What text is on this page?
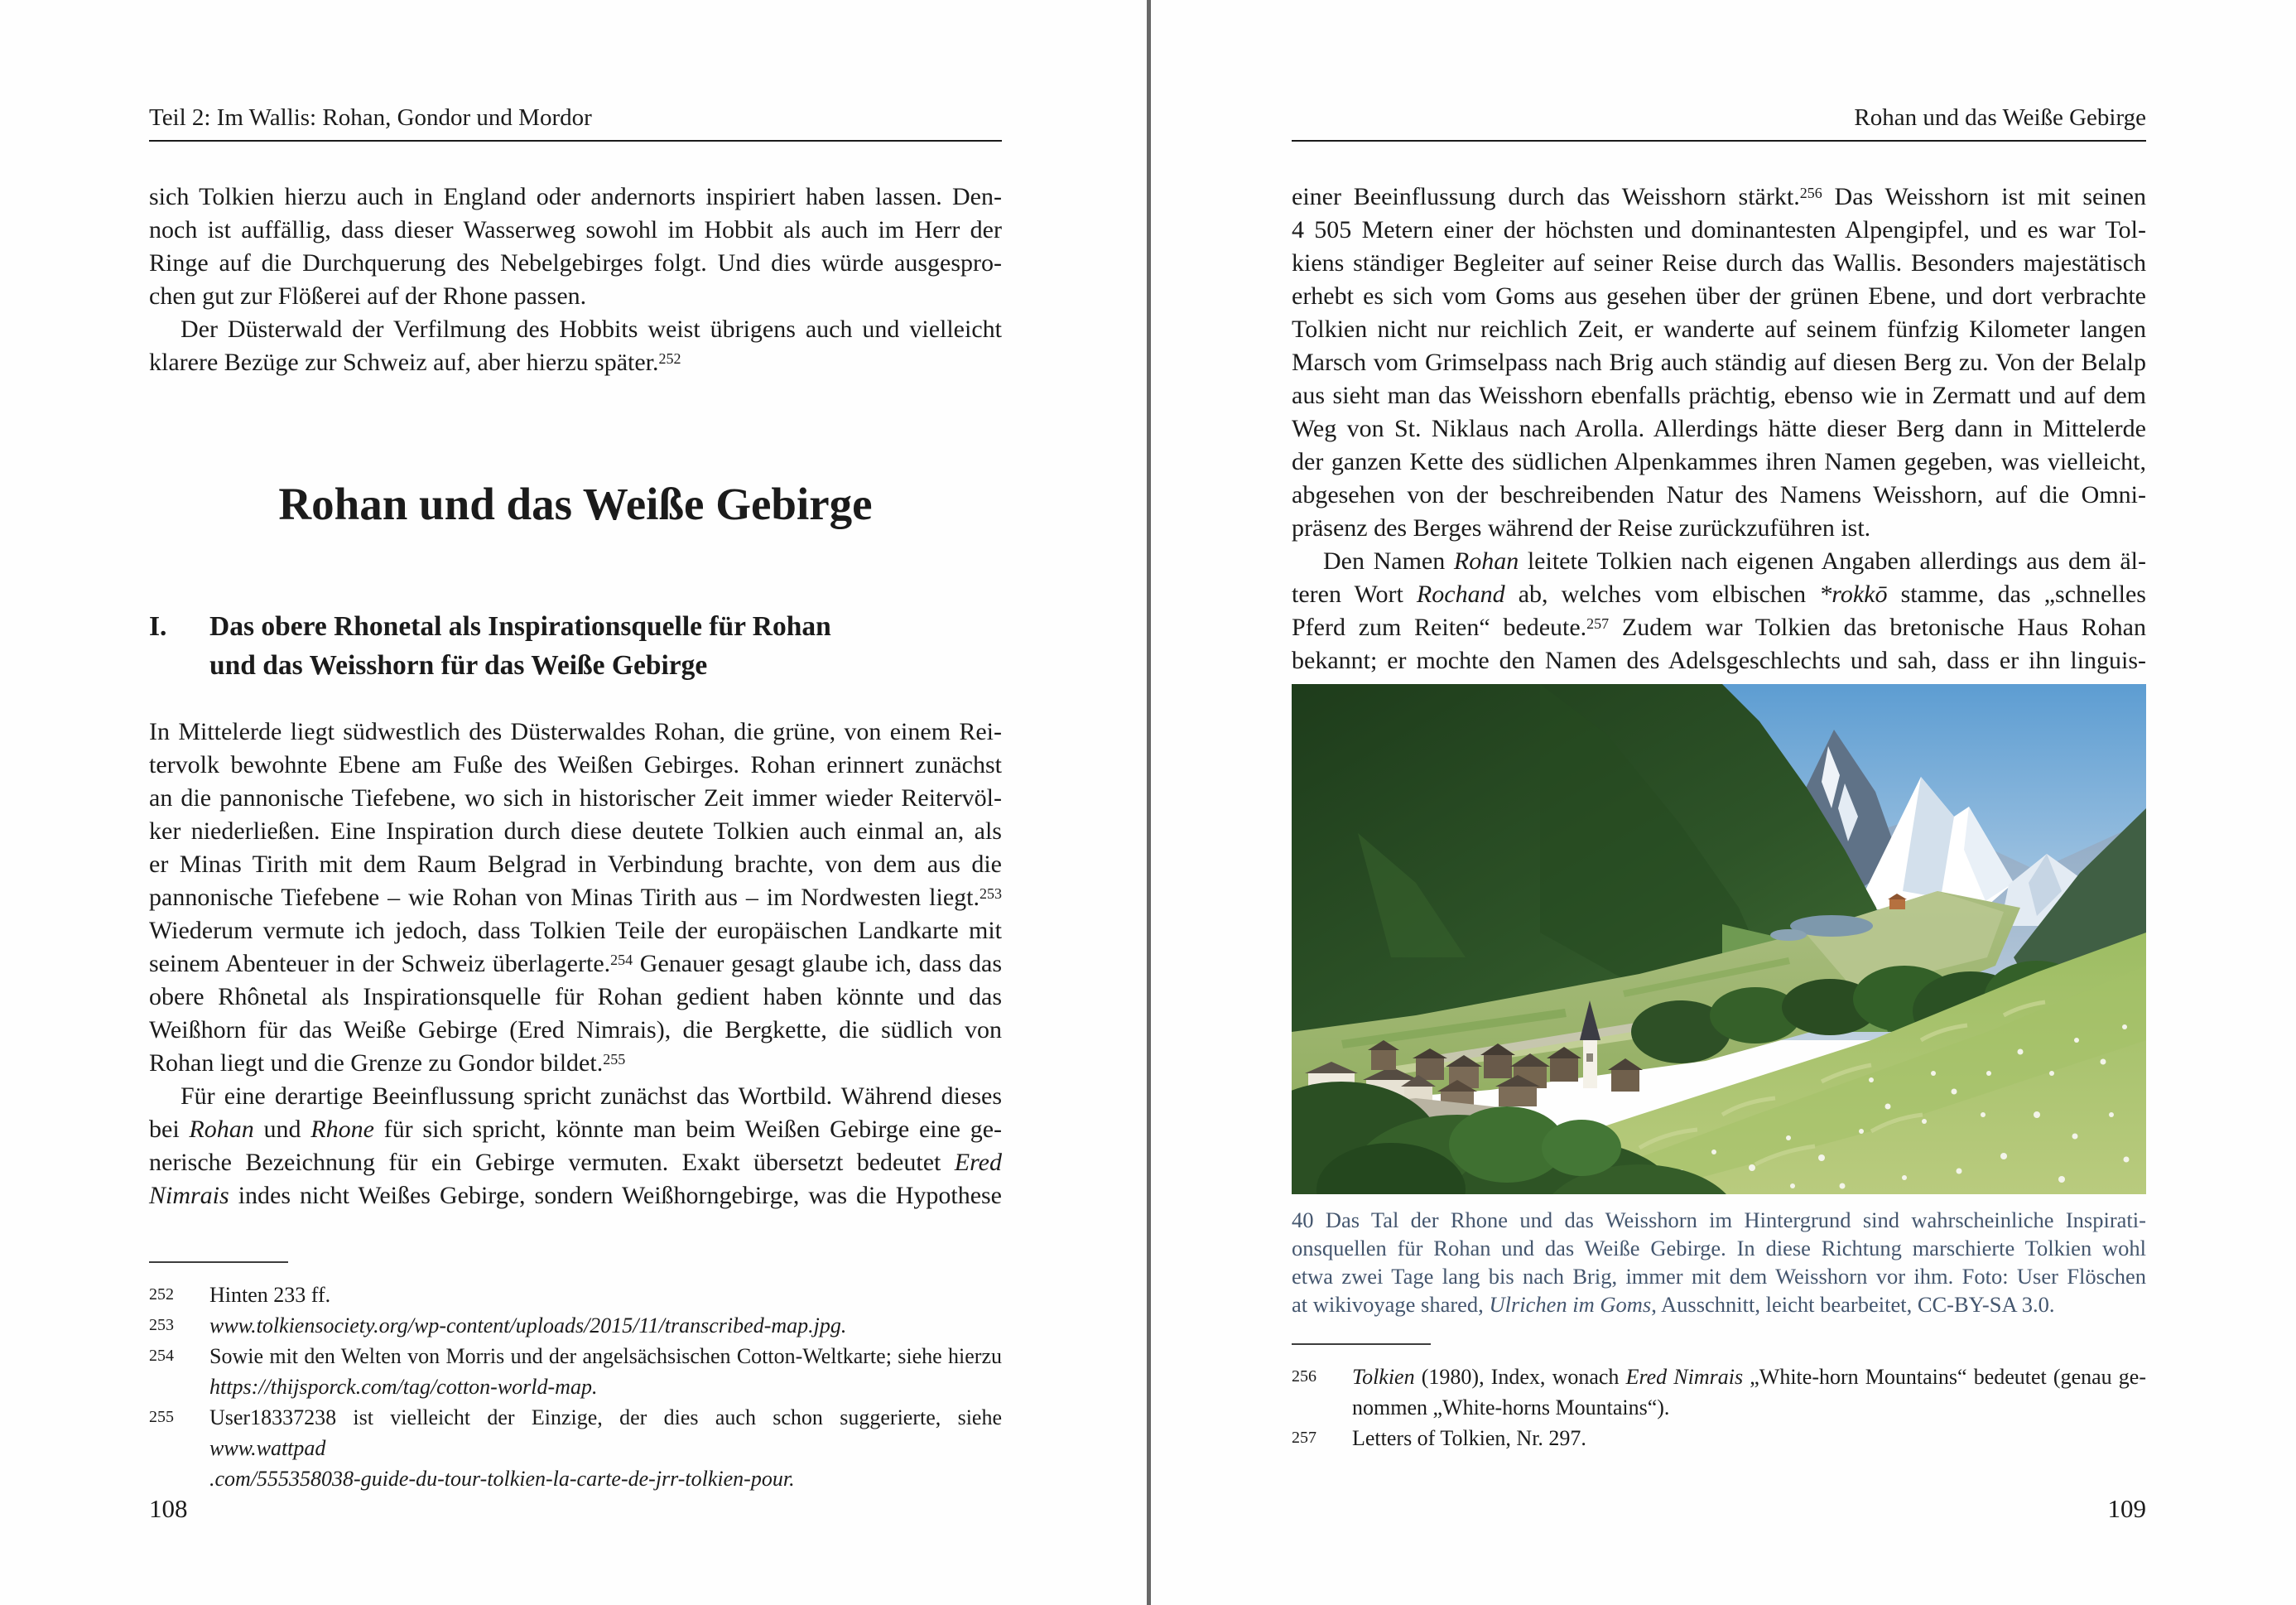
Teil 2: Im Wallis: Rohan, Gondor und Mordor
sich Tolkien hierzu auch in England oder andernorts inspiriert haben lassen. Den-
noch ist auffällig, dass dieser Wasserweg sowohl im Hobbit als auch im Herr der
Ringe auf die Durchquerung des Nebelgebirges folgt. Und dies würde ausgespro-
chen gut zur Flößerei auf der Rhone passen.
Der Düsterwald der Verfilmung des Hobbits weist übrigens auch und vielleicht
klarere Bezüge zur Schweiz auf, aber hierzu später.$^{252}$
Rohan und das Weiße Gebirge
I.	Das obere Rhonetal als Inspirationsquelle für Rohan
und das Weisshorn für das Weiße Gebirge
In Mittelerde liegt südwestlich des Düsterwaldes Rohan, die grüne, von einem Rei-
tervolk bewohnte Ebene am Fuße des Weißen Gebirges. Rohan erinnert zunächst
an die pannonische Tiefebene, wo sich in historischer Zeit immer wieder Reitervöl-
ker niederließen. Eine Inspiration durch diese deutete Tolkien auch einmal an, als
er Minas Tirith mit dem Raum Belgrad in Verbindung brachte, von dem aus die
pannonische Tiefebene – wie Rohan von Minas Tirith aus – im Nordwesten liegt.$^{253}$
Wiederum vermute ich jedoch, dass Tolkien Teile der europäischen Landkarte mit
seinem Abenteuer in der Schweiz überlagerte.$^{254}$ Genauer gesagt glaube ich, dass das
obere Rhônetal als Inspirationsquelle für Rohan gedient haben könnte und das
Weißhorn für das Weiße Gebirge (Ered Nimrais), die Bergkette, die südlich von
Rohan liegt und die Grenze zu Gondor bildet.$^{255}$
Für eine derartige Beeinflussung spricht zunächst das Wortbild. Während dieses
bei Rohan und Rhone für sich spricht, könnte man beim Weißen Gebirge eine ge-
nerische Bezeichnung für ein Gebirge vermuten. Exakt übersetzt bedeutet Ered
Nimrais indes nicht Weißes Gebirge, sondern Weißhorngebirge, was die Hypothese
252	Hinten 233 ff.
253	www.tolkiensociety.org/wp-content/uploads/2015/11/transcribed-map.jpg.
254	Sowie mit den Welten von Morris und der angelsächsischen Cotton-Weltkarte; siehe hierzu
https://thijsporck.com/tag/cotton-world-map.
255	User18337238 ist vielleicht der Einzige, der dies auch schon suggerierte, siehe www.wattpad
.com/555358038-guide-du-tour-tolkien-la-carte-de-jrr-tolkien-pour.
108
Rohan und das Weiße Gebirge
einer Beeinflussung durch das Weisshorn stärkt.$^{256}$ Das Weisshorn ist mit seinen
4 505 Metern einer der höchsten und dominantesten Alpengipfel, und es war Tol-
kiens ständiger Begleiter auf seiner Reise durch das Wallis. Besonders majestätisch
erhebt es sich vom Goms aus gesehen über der grünen Ebene, und dort verbrachte
Tolkien nicht nur reichlich Zeit, er wanderte auf seinem fünfzig Kilometer langen
Marsch vom Grimselpass nach Brig auch ständig auf diesen Berg zu. Von der Belalp
aus sieht man das Weisshorn ebenfalls prächtig, ebenso wie in Zermatt und auf dem
Weg von St. Niklaus nach Arolla. Allerdings hätte dieser Berg dann in Mittelerde
der ganzen Kette des südlichen Alpenkammes ihren Namen gegeben, was vielleicht,
abgesehen von der beschreibenden Natur des Namens Weisshorn, auf die Omni-
präsenz des Berges während der Reise zurückzuführen ist.
Den Namen Rohan leitete Tolkien nach eigenen Angaben allerdings aus dem äl-
teren Wort Rochand ab, welches vom elbischen *rokkō stamme, das „schnelles
Pferd zum Reiten“ bedeute.$^{257}$ Zudem war Tolkien das bretonische Haus Rohan
bekannt; er mochte den Namen des Adelsgeschlechts und sah, dass er ihn linguis-
40 Das Tal der Rhone und das Weisshorn im Hintergrund sind wahrscheinliche Inspirati-
onsquellen für Rohan und das Weiße Gebirge. In diese Richtung marschierte Tolkien wohl
etwa zwei Tage lang bis nach Brig, immer mit dem Weisshorn vor ihm. Foto: User Flöschen
at wikivoyage shared, Ulrichen im Goms, Ausschnitt, leicht bearbeitet, CC-BY-SA 3.0.
256	Tolkien (1980), Index, wonach Ered Nimrais „White-horn Mountains“ bedeutet (genau ge-
nommen „White-horns Mountains“).
257	Letters of Tolkien, Nr. 297.
109
